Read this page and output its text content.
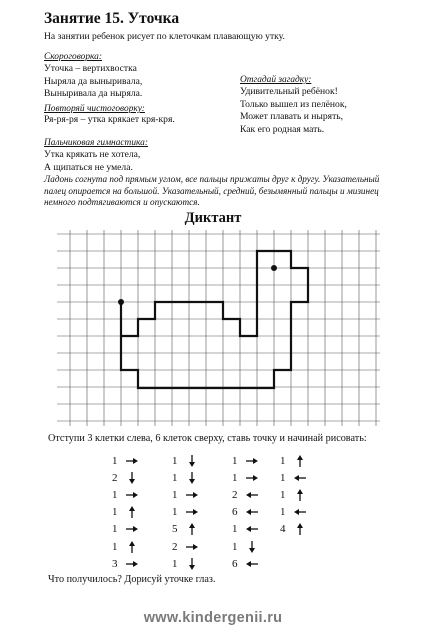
Занятие 15. Уточка
На занятии ребенок рисует по клеточкам плавающую утку.
Скороговорка:
Уточка – вертихвостка
Ныряла да выныривала,
Выныривала да ныряла.
Отгадай загадку:
Удивительный ребёнок!
Только вышел из пелёнок,
Может плавать и нырять,
Как его родная мать.
Повторяй чистоговорку:
Ря-ря-ря – утка крякает кря-кря.
Пальчиковая гимнастика:
Утка крякать не хотела,
А щипаться не умела.
Ладонь согнута под прямым углом, все пальцы прижаты друг к другу. Указательный палец опирается на большой. Указательный, средний, безымянный пальцы и мизинец немного подтягиваются и опускаются.
Диктант
Отступи 3 клетки слева, 6 клеток сверху, ставь точку и начинай рисовать:
1
2
1
1
1
1
3
1
1
1
1
5
2
1
1
1
2
6
1
1
6
1
1
1
1
4
Что получилось? Дорисуй уточке глаз.
www.kindergenii.ru
